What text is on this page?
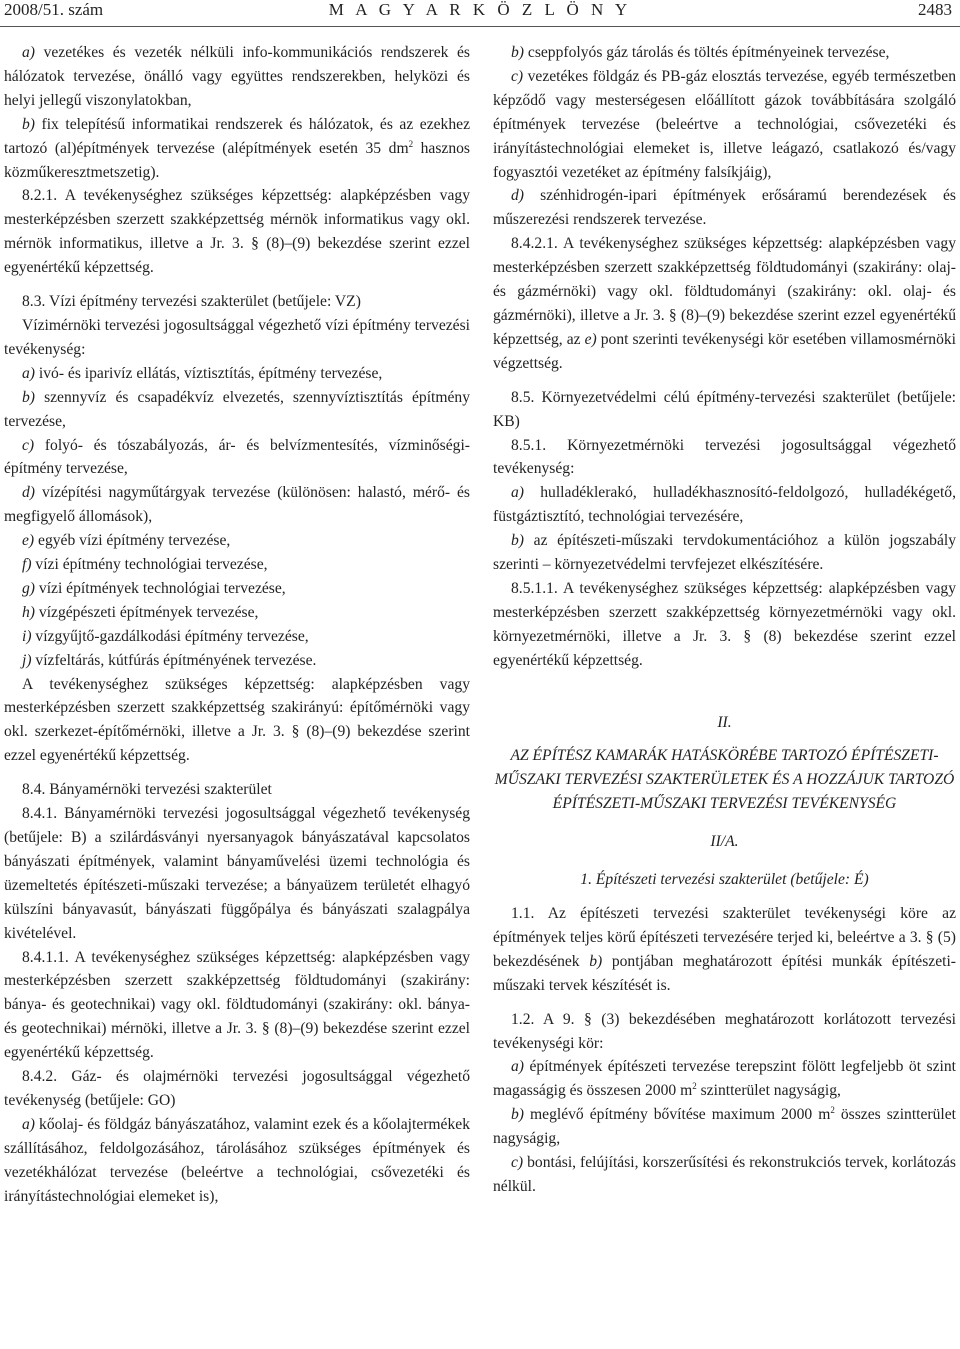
2008/51. szám	M A G Y A R K Ö Z L Ö N Y	2483

a) vezetékes és vezeték nélküli info-kommunikációs rendszerek és hálózatok tervezése, önálló vagy együttes rendszerekben, helyközi és helyi jellegű viszonylatokban,

b) fix telepítésű informatikai rendszerek és hálózatok, és az ezekhez tartozó (al)építmények tervezése (alépítmények esetén 35 $dm^2$ hasznos közműkeresztmetszetig).

8.2.1. A tevékenységhez szükséges képzettség: alapképzésben vagy mesterképzésben szerzett szakképzettség mérnök informatikus vagy okl. mérnök informatikus, illetve a Jr. 3. § (8)–(9) bekezdése szerint ezzel egyenértékű képzettség.

8.3. Vízi építmény tervezési szakterület (betűjele: VZ)

Vízimérnöki tervezési jogosultsággal végezhető vízi építmény tervezési tevékenység:

a) ivó- és iparivíz ellátás, víztisztítás, építmény tervezése,

b) szennyvíz és csapadékvíz elvezetés, szennyvíztisztítás építmény tervezése,

c) folyó- és tószabályozás, ár- és belvízmentesítés, vízminőségi-építmény tervezése,

d) vízépítési nagyműtárgyak tervezése (különösen: halastó, mérő- és megfigyelő állomások),

e) egyéb vízi építmény tervezése,

f) vízi építmény technológiai tervezése,

g) vízi építmények technológiai tervezése,

h) vízgépészeti építmények tervezése,

i) vízgyűjtő-gazdálkodási építmény tervezése,

j) vízfeltárás, kútfúrás építményének tervezése.

A tevékenységhez szükséges képzettség: alapképzésben vagy mesterképzésben szerzett szakképzettség szakirányú: építőmérnöki vagy okl. szerkezet-építőmérnöki, illetve a Jr. 3. § (8)–(9) bekezdése szerint ezzel egyenértékű képzettség.

8.4. Bányamérnöki tervezési szakterület

8.4.1. Bányamérnöki tervezési jogosultsággal végezhető tevékenység (betűjele: B) a szilárdásványi nyersanyagok bányászatával kapcsolatos bányászati építmények, valamint bányaművelési üzemi technológia és üzemeltetés építészeti-műszaki tervezése; a bányaüzem területét elhagyó külszíni bányavasút, bányászati függőpálya és bányászati szalagpálya kivételével.

8.4.1.1. A tevékenységhez szükséges képzettség: alapképzésben vagy mesterképzésben szerzett szakképzettség földtudományi (szakirány: bánya- és geotechnikai) vagy okl. földtudományi (szakirány: okl. bánya- és geotechnikai) mérnöki, illetve a Jr. 3. § (8)–(9) bekezdése szerint ezzel egyenértékű képzettség.

8.4.2. Gáz- és olajmérnöki tervezési jogosultsággal végezhető tevékenység (betűjele: GO)

a) kőolaj- és földgáz bányászatához, valamint ezek és a kőolajtermékek szállításához, feldolgozásához, tárolásához szükséges építmények és vezetékhálózat tervezése (beleértve a technológiai, csővezetéki és irányítástechnológiai elemeket is),

b) cseppfolyós gáz tárolás és töltés építményeinek tervezése,

c) vezetékes földgáz és PB-gáz elosztás tervezése, egyéb természetben képződő vagy mesterségesen előállított gázok továbbítására szolgáló építmények tervezése (beleértve a technológiai, csővezetéki és irányítástechnológiai elemeket is, illetve leágazó, csatlakozó és/vagy fogyasztói vezetéket az építmény falsíkjáig),

d) szénhidrogén-ipari építmények erősáramú berendezések és műszerezési rendszerek tervezése.

8.4.2.1. A tevékenységhez szükséges képzettség: alapképzésben vagy mesterképzésben szerzett szakképzettség földtudományi (szakirány: olaj- és gázmérnöki) vagy okl. földtudományi (szakirány: okl. olaj- és gázmérnöki), illetve a Jr. 3. § (8)–(9) bekezdése szerint ezzel egyenértékű képzettség, az e) pont szerinti tevékenységi kör esetében villamosmérnöki végzettség.

8.5. Környezetvédelmi célú építmény-tervezési szakterület (betűjele: KB)

8.5.1. Környezetmérnöki tervezési jogosultsággal végezhető tevékenység:

a) hulladéklerakó, hulladékhasznosító-feldolgozó, hulladékégető, füstgáztisztító, technológiai tervezésére,

b) az építészeti-műszaki tervdokumentációhoz a külön jogszabály szerinti – környezetvédelmi tervfejezet elkészítésére.

8.5.1.1. A tevékenységhez szükséges képzettség: alapképzésben vagy mesterképzésben szerzett szakképzettség környezetmérnöki vagy okl. környezetmérnöki, illetve a Jr. 3. § (8) bekezdése szerint ezzel egyenértékű képzettség.

II.

AZ ÉPÍTÉSZ KAMARÁK HATÁSKÖRÉBE TARTOZÓ ÉPÍTÉSZETI-MŰSZAKI TERVEZÉSI SZAKTERÜLETEK ÉS A HOZZÁJUK TARTOZÓ ÉPÍTÉSZETI-MŰSZAKI TERVEZÉSI TEVÉKENYSÉG

II/A.

1. Építészeti tervezési szakterület (betűjele: É)

1.1. Az építészeti tervezési szakterület tevékenységi köre az építmények teljes körű építészeti tervezésére terjed ki, beleértve a 3. § (5) bekezdésének b) pontjában meghatározott építési munkák építészeti-műszaki tervek készítését is.

1.2. A 9. § (3) bekezdésében meghatározott korlátozott tervezési tevékenységi kör:

a) építmények építészeti tervezése terepszint fölött legfeljebb öt szint magasságig és összesen 2000 $m^2$ szintterület nagyságig,

b) meglévő építmény bővítése maximum 2000 $m^2$ összes szintterület nagyságig,

c) bontási, felújítási, korszerűsítési és rekonstrukciós tervek, korlátozás nélkül.
